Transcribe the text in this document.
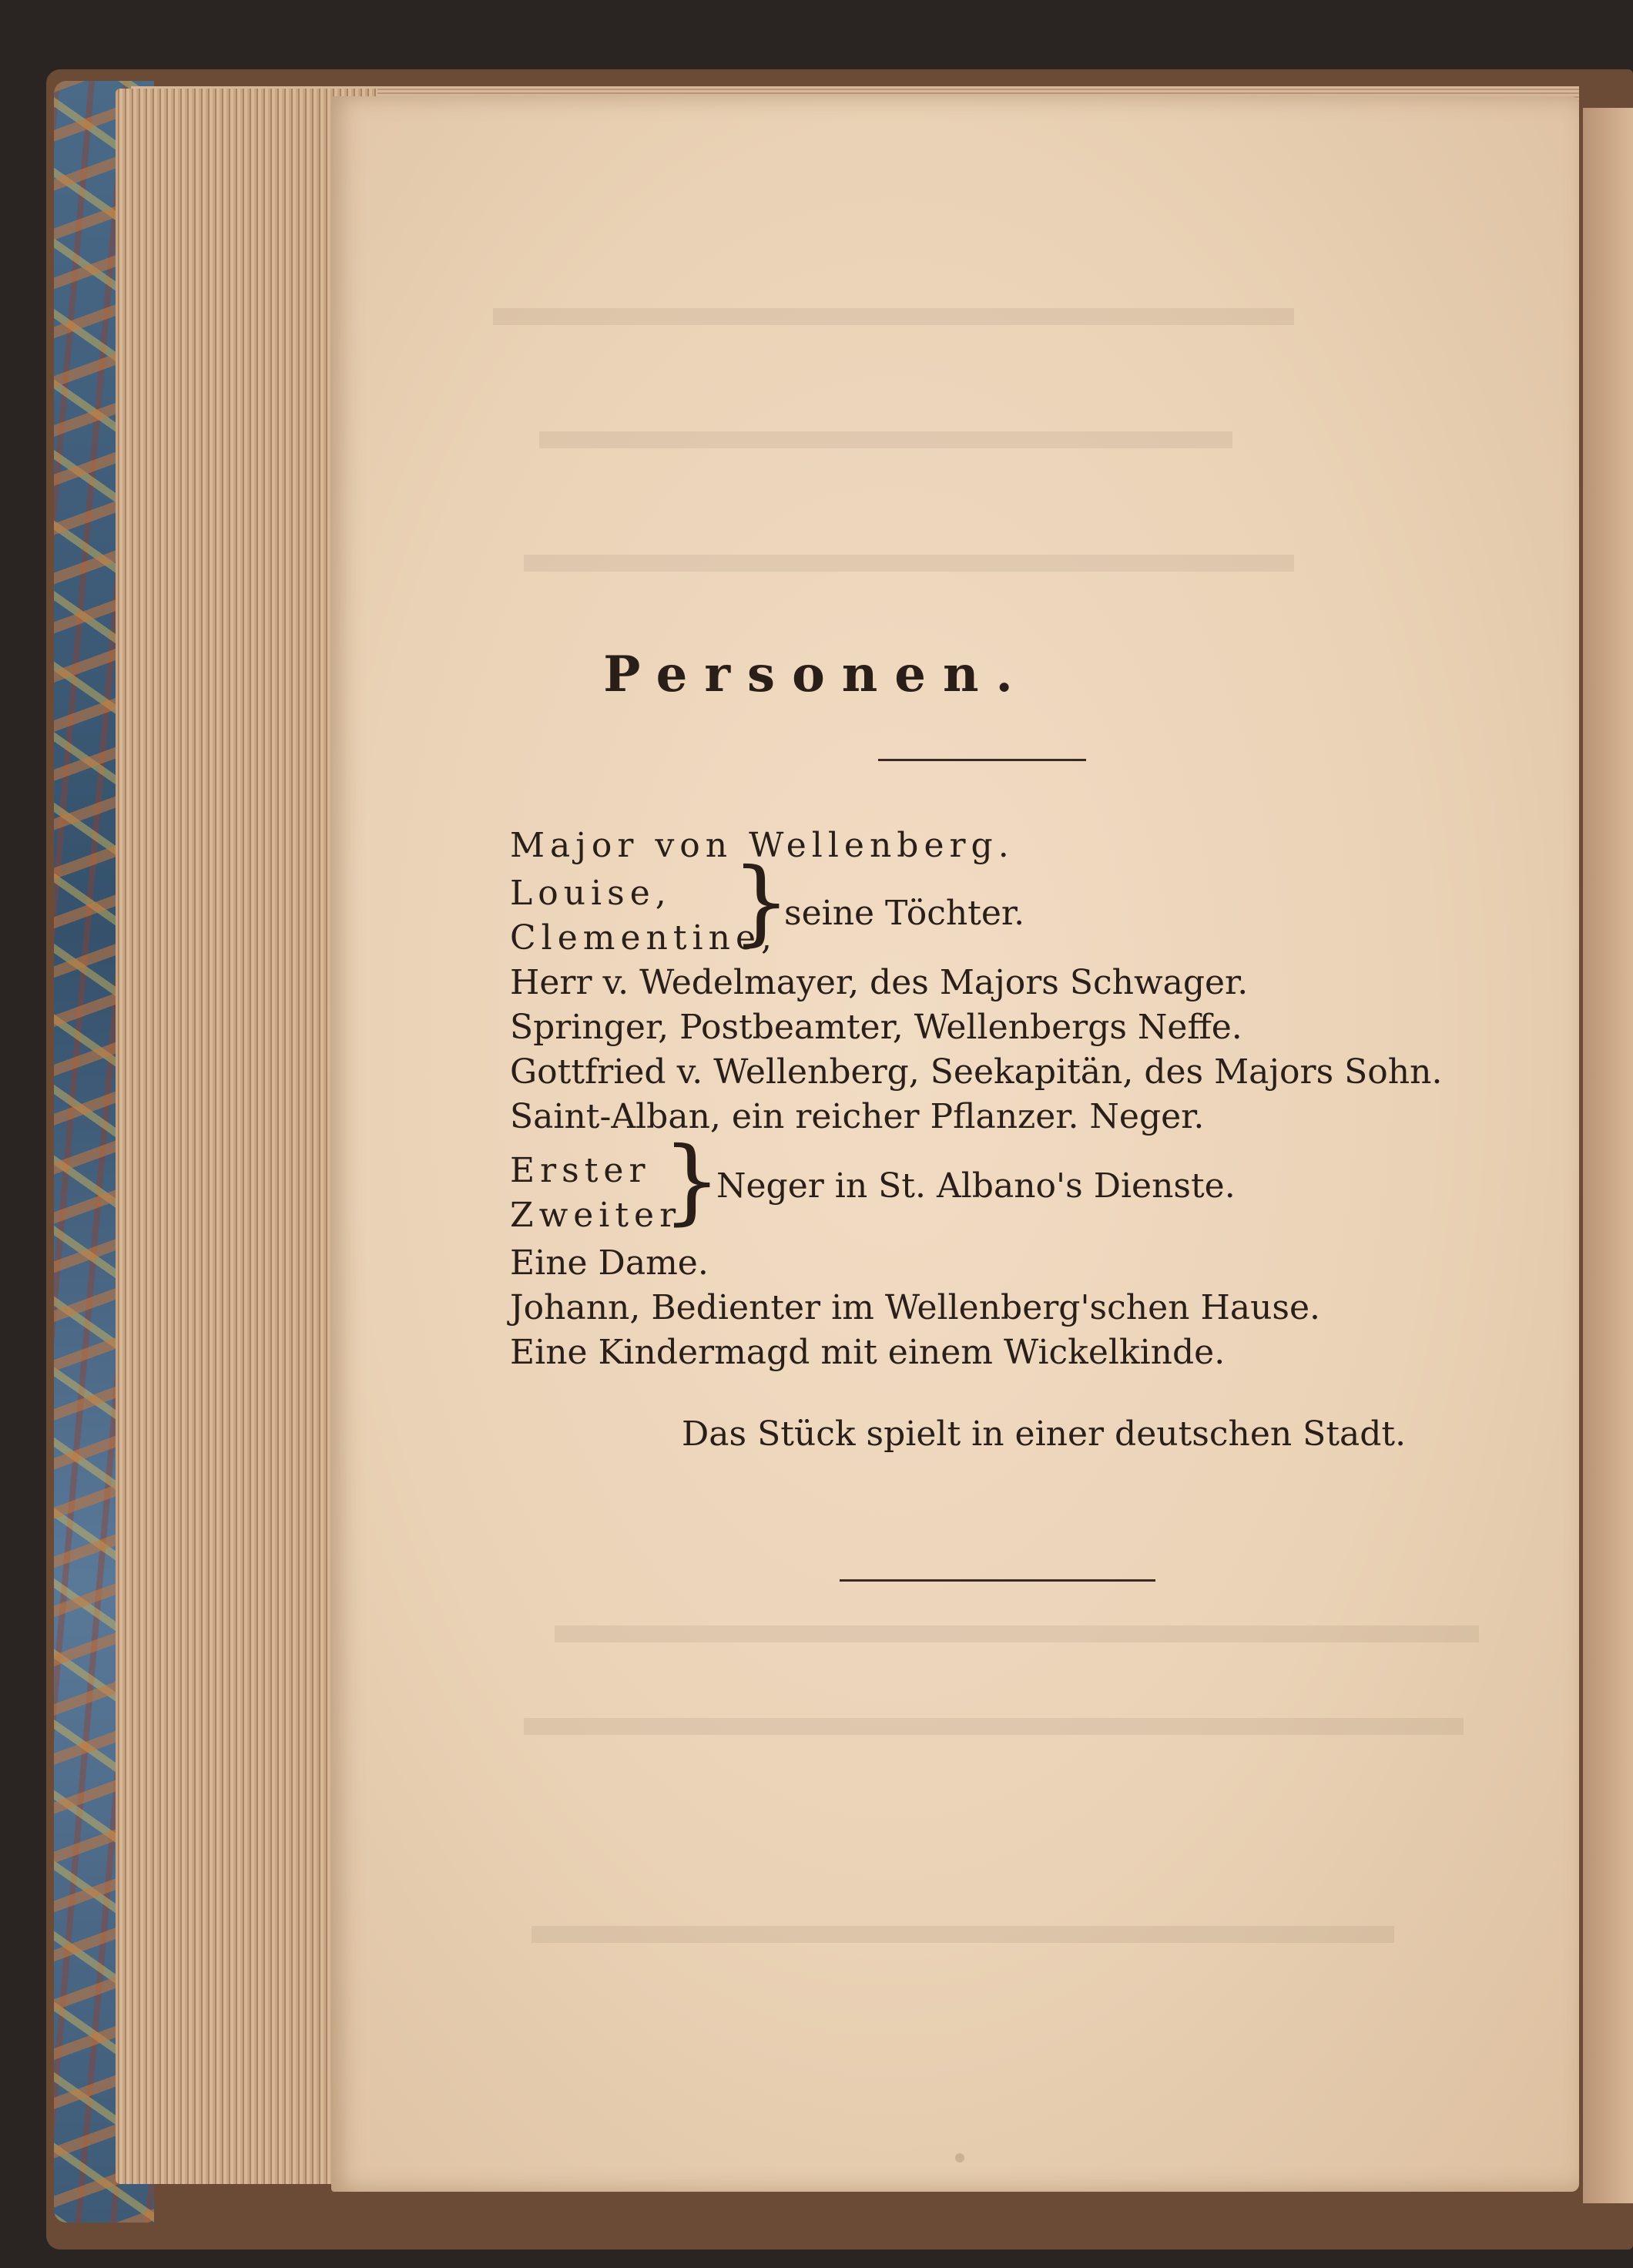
Personen.
Major von Wellenberg.
Louise,
Clementine,
}
seine Töchter.
Herr v. Wedelmayer, des Majors Schwager.
Springer, Postbeamter, Wellenbergs Neffe.
Gottfried v. Wellenberg, Seekapitän, des Majors Sohn.
Saint-Alban, ein reicher Pflanzer. Neger.
Erster
Zweiter
}
Neger in St. Albano's Dienste.
Eine Dame.
Johann, Bedienter im Wellenberg'schen Hause.
Eine Kindermagd mit einem Wickelkinde.
Das Stück spielt in einer deutschen Stadt.
